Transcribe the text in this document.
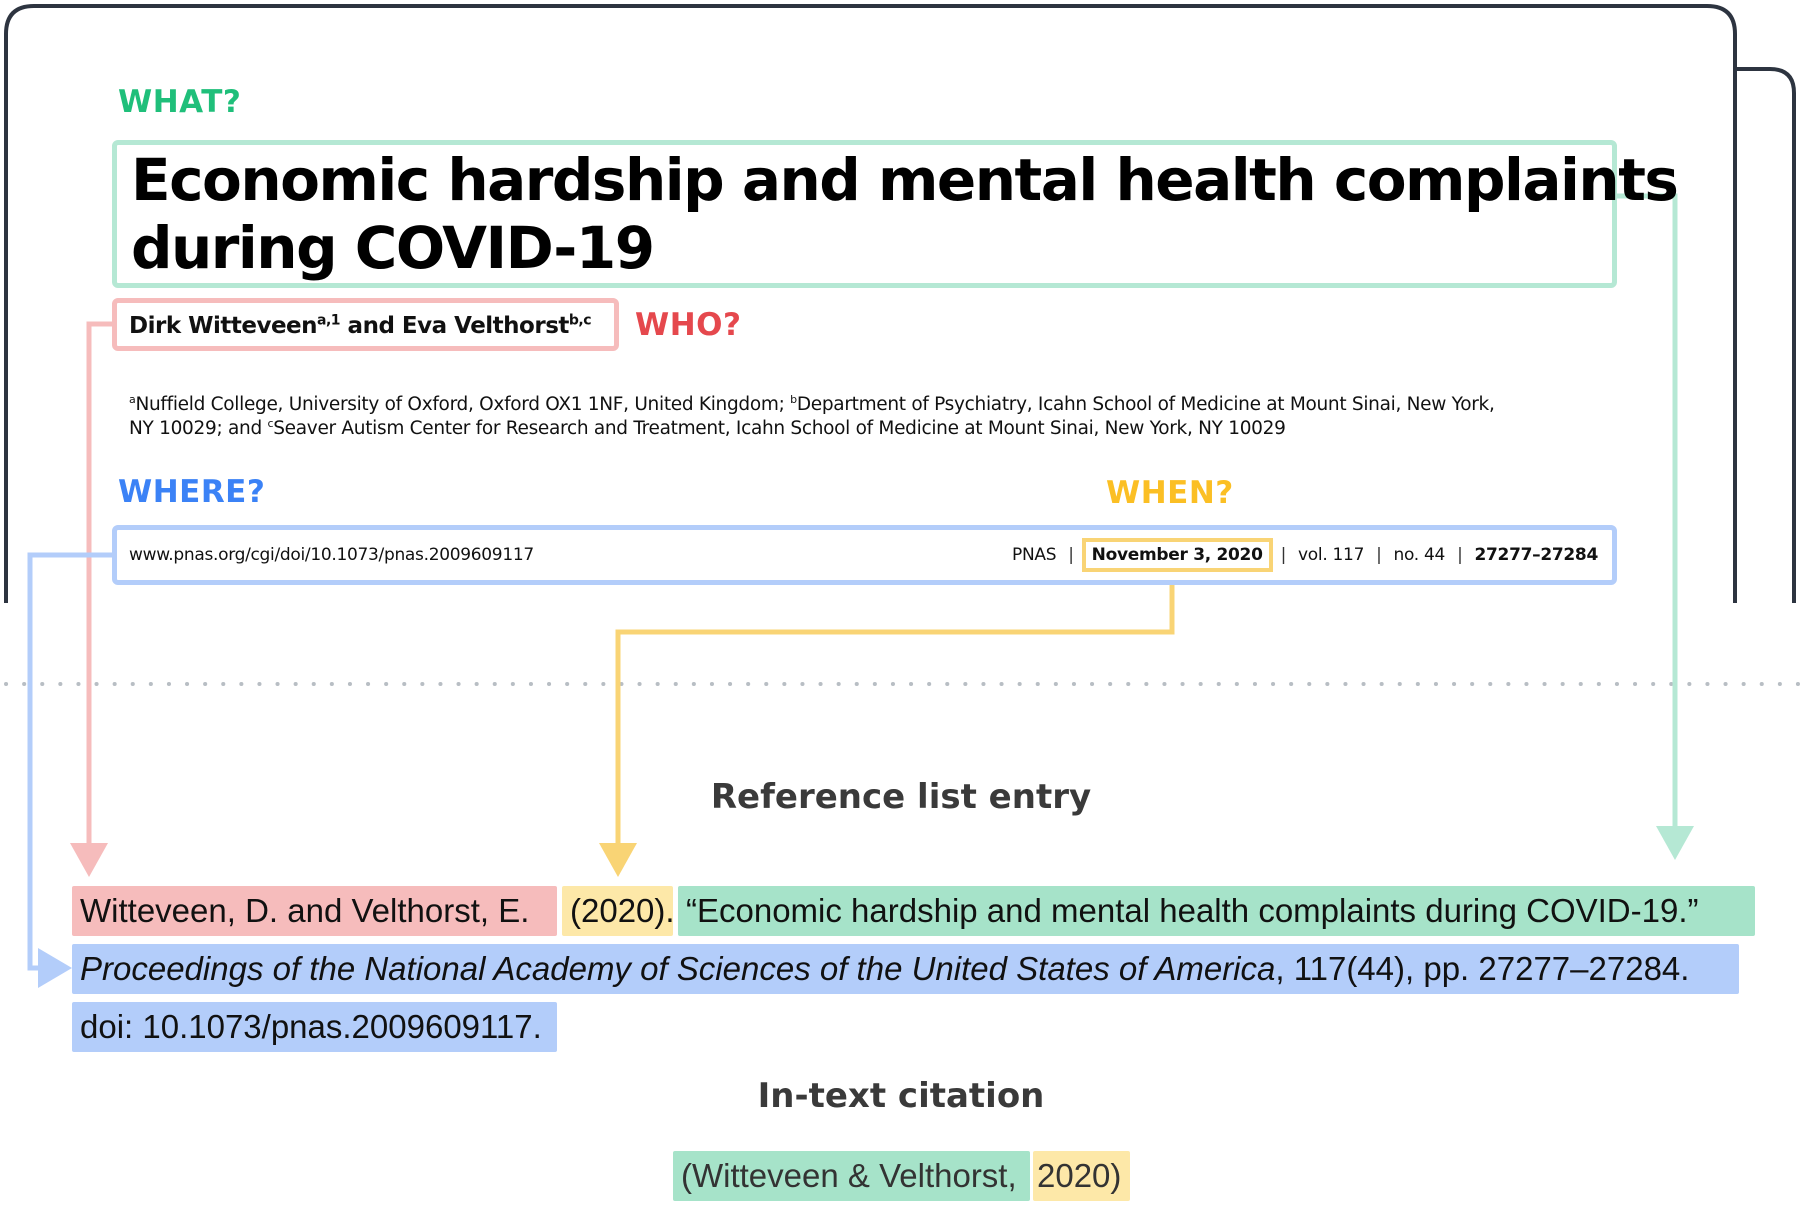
WHAT?
Economic hardship and mental health complaints
during COVID-19
Dirk Witteveen$^{a,1}$ and Eva Velthorst$^{b,c}$ WHO?
$^a$Nuffield College, University of Oxford, Oxford OX1 1NF, United Kingdom; $^b$Department of Psychiatry, Icahn School of Medicine at Mount Sinai, New York,
NY 10029; and $^c$Seaver Autism Center for Research and Treatment, Icahn School of Medicine at Mount Sinai, New York, NY 10029
WHERE?	WHEN?
www.pnas.org/cgi/doi/10.1073/pnas.2009609117	PNAS |	November 3, 2020	| vol. 117 | no. 44 | 27277–27284
Reference list entry
Witteveen, D. and Velthorst, E.	(2020). “Economic hardship and mental health complaints during COVID-19.”
Proceedings of the National Academy of Sciences of the United States of America, 117(44), pp. 27277–27284.
doi: 10.1073/pnas.2009609117.
In-text citation
(Witteveen & Velthorst, 2020)
